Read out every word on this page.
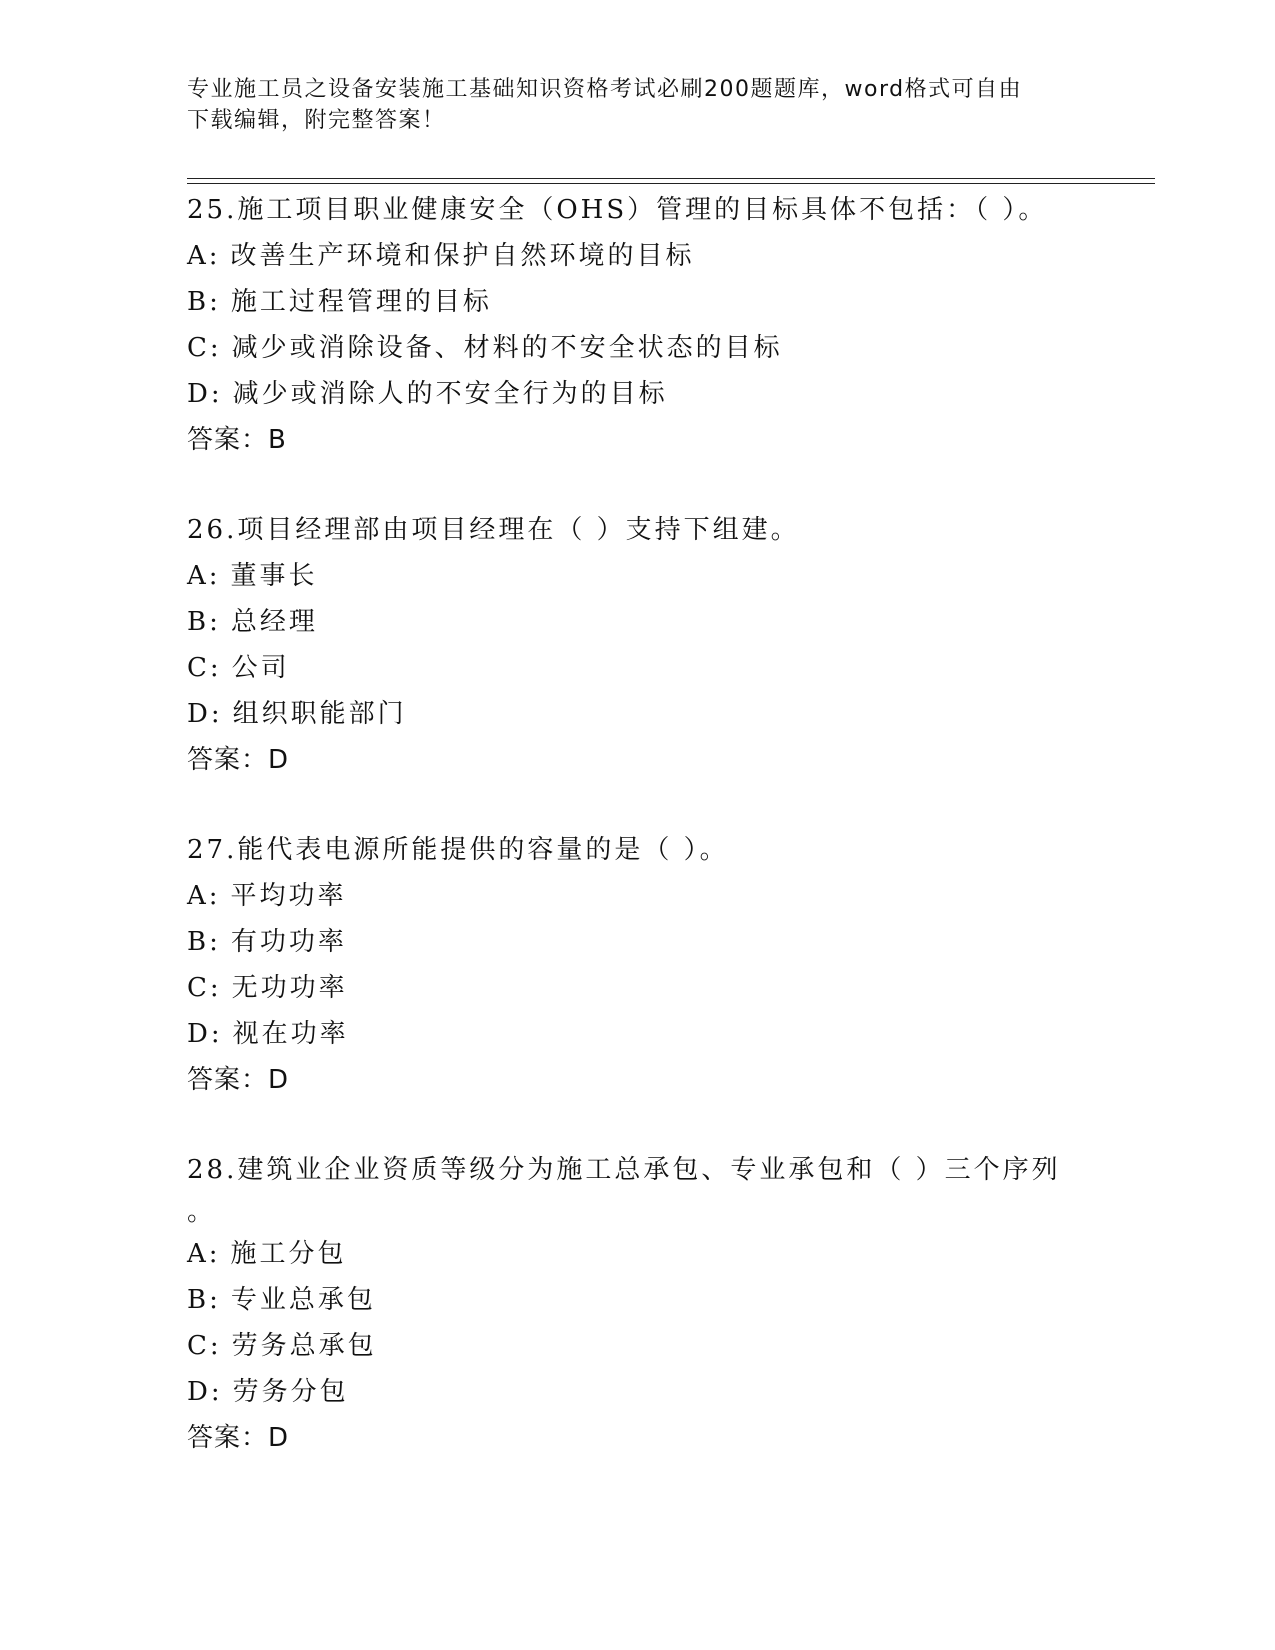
专业施工员之设备安装施工基础知识资格考试必刷200题题库，word格式可自由
下载编辑，附完整答案！
25.施工项目职业健康安全（OHS）管理的目标具体不包括：（ ）。
A: 改善生产环境和保护自然环境的目标
B: 施工过程管理的目标
C: 减少或消除设备、材料的不安全状态的目标
D: 减少或消除人的不安全行为的目标
答案：B
26.项目经理部由项目经理在（ ）支持下组建。
A: 董事长
B: 总经理
C: 公司
D: 组织职能部门
答案：D
27.能代表电源所能提供的容量的是（ ）。
A: 平均功率
B: 有功功率
C: 无功功率
D: 视在功率
答案：D
28.建筑业企业资质等级分为施工总承包、专业承包和（ ）三个序列
。
A: 施工分包
B: 专业总承包
C: 劳务总承包
D: 劳务分包
答案：D
